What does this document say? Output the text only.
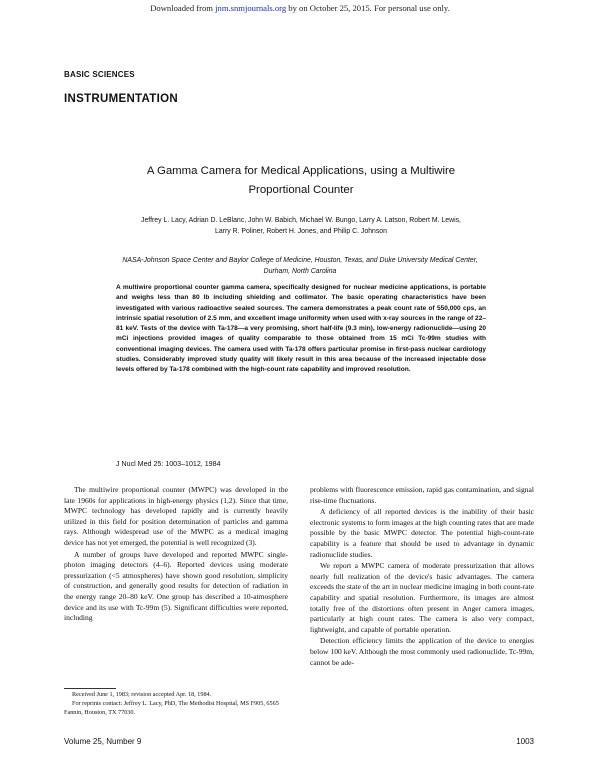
Downloaded from jnm.snmjournals.org by on October 25, 2015. For personal use only.
BASIC SCIENCES
INSTRUMENTATION
A Gamma Camera for Medical Applications, using a Multiwire
Proportional Counter
Jeffrey L. Lacy, Adrian D. LeBlanc, John W. Babich, Michael W. Bungo, Larry A. Latson, Robert M. Lewis,
Larry R. Poliner, Robert H. Jones, and Philip C. Johnson
NASA-Johnson Space Center and Baylor College of Medicine, Houston, Texas, and Duke University Medical Center,
Durham, North Carolina
A multiwire proportional counter gamma camera, specifically designed for nuclear medicine applications, is portable and weighs less than 80 lb including shielding and collimator. The basic operating characteristics have been investigated with various radioactive sealed sources. The camera demonstrates a peak count rate of 550,000 cps, an intrinsic spatial resolution of 2.5 mm, and excellent image uniformity when used with x-ray sources in the range of 22–81 keV. Tests of the device with Ta-178—a very promising, short half-life (9.3 min), low-energy radionuclide—using 20 mCi injections provided images of quality comparable to those obtained from 15 mCi Tc-99m studies with conventional imaging devices. The camera used with Ta-178 offers particular promise in first-pass nuclear cardiology studies. Considerably improved study quality will likely result in this area because of the increased injectable dose levels offered by Ta-178 combined with the high-count rate capability and improved resolution.
J Nucl Med 25: 1003–1012, 1984

The multiwire proportional counter (MWPC) was developed in the late 1960s for applications in high-energy physics (1,2). Since that time, MWPC technology has developed rapidly and is currently heavily utilized in this field for position determination of particles and gamma rays. Although widespread use of the MWPC as a medical imaging device has not yet emerged, the potential is well recognized (3).

A number of groups have developed and reported MWPC single-photon imaging detectors (4–6). Reported devices using moderate pressurization (<5 atmospheres) have shown good resolution, simplicity of construction, and generally good results for detection of radiation in the energy range 20–80 keV. One group has described a 10-atmosphere device and its use with Tc-99m (5). Significant difficulties were reported, including

problems with fluorescence emission, rapid gas contamination, and signal rise-time fluctuations.

A deficiency of all reported devices is the inability of their basic electronic systems to form images at the high counting rates that are made possible by the basic MWPC detector. The potential high-count-rate capability is a feature that should be used to advantage in dynamic radionuclide studies.

We report a MWPC camera of moderate pressurization that allows nearly full realization of the device's basic advantages. The camera exceeds the state of the art in nuclear medicine imaging in both count-rate capability and spatial resolution. Furthermore, its images are almost totally free of the distortions often present in Anger camera images, particularly at high count rates. The camera is also very compact, lightweight, and capable of portable operation.

Detection efficiency limits the application of the device to energies below 100 keV. Although the most commonly used radionuclide, Tc-99m, cannot be ade-

Received June 1, 1983; revision accepted Apr. 18, 1984.
For reprints contact: Jeffrey L. Lacy, PhD, The Methodist Hospital, MS F905, 6565 Fannin, Houston, TX 77030.
Volume 25, Number 9	1003
